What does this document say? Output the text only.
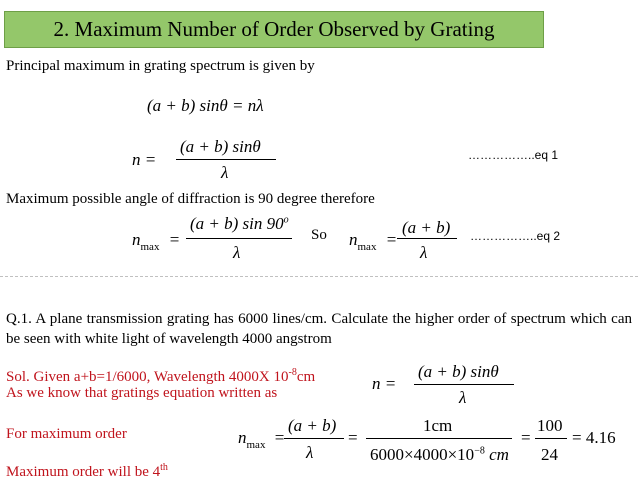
2. Maximum Number of Order Observed by Grating
Principal maximum in grating spectrum is given by
(a + b) sinθ = nλ
n =
(a + b) sinθ
λ
……………..eq 1
Maximum possible angle of diffraction is 90 degree therefore
$n_{max}$ =
(a + b) sin 90$^o$
λ
So $n_{max}$ =
(a + b)
λ
……………..eq 2
Q.1. A plane transmission grating has 6000 lines/cm. Calculate the higher order of spectrum which can be seen with white light of wavelength 4000 angstrom
Sol. Given a+b=1/6000, Wavelength 4000X $10^{-8}cm$
As we know that gratings equation written as
For maximum order
Maximum order will be 4th
n =
(a + b) sinθ
λ
$n_{max}$ =
(a + b)
λ
=
1cm
$6000\times 4000\times 10^{-8}$ cm
=
100
24
= 4.16
